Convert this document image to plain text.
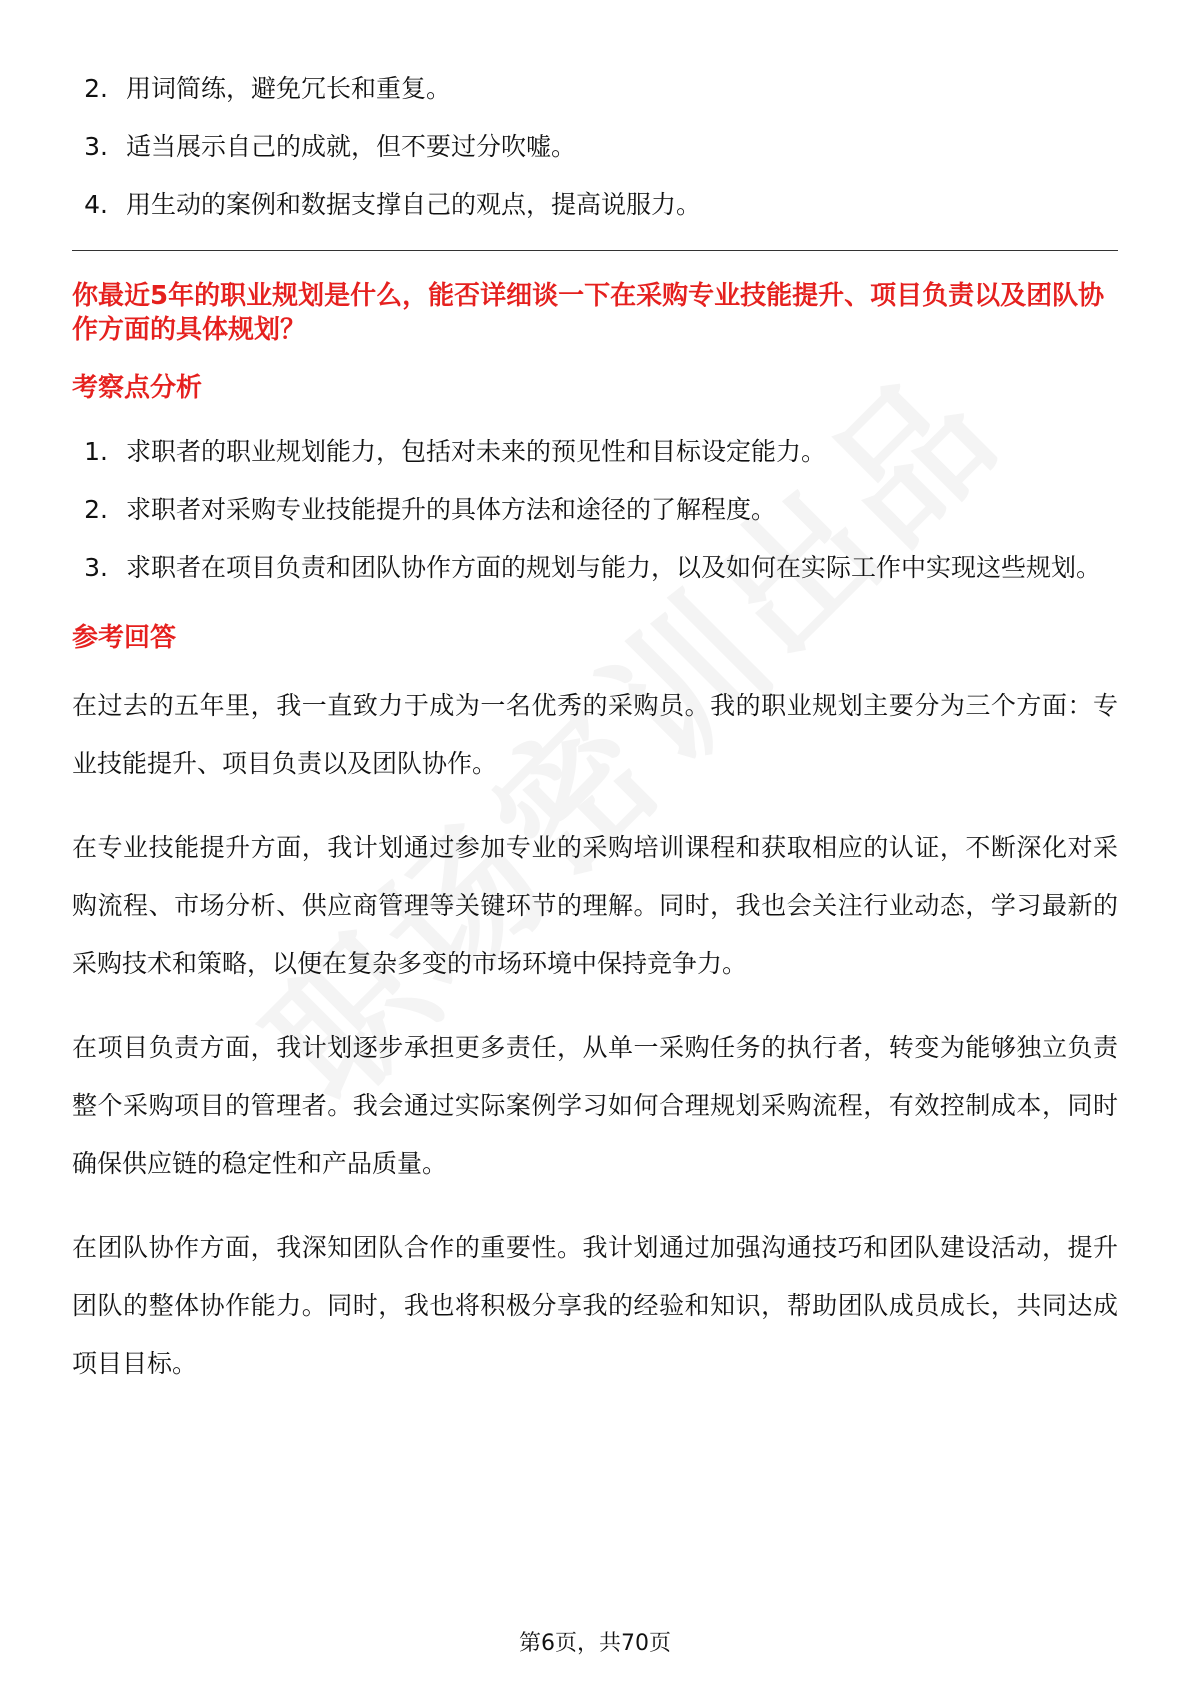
2. 用词简练，避免冗长和重复。
3. 适当展示自己的成就，但不要过分吹嘘。
4. 用生动的案例和数据支撑自己的观点，提高说服力。
你最近5年的职业规划是什么，能否详细谈一下在采购专业技能提升、项目负责以及团队协作方面的具体规划？
考察点分析
1. 求职者的职业规划能力，包括对未来的预见性和目标设定能力。
2. 求职者对采购专业技能提升的具体方法和途径的了解程度。
3. 求职者在项目负责和团队协作方面的规划与能力，以及如何在实际工作中实现这些规划。
参考回答

在过去的五年里，我一直致力于成为一名优秀的采购员。我的职业规划主要分为三个方面：专业技能提升、项目负责以及团队协作。

在专业技能提升方面，我计划通过参加专业的采购培训课程和获取相应的认证，不断深化对采购流程、市场分析、供应商管理等关键环节的理解。同时，我也会关注行业动态，学习最新的采购技术和策略，以便在复杂多变的市场环境中保持竞争力。

在项目负责方面，我计划逐步承担更多责任，从单一采购任务的执行者，转变为能够独立负责整个采购项目的管理者。我会通过实际案例学习如何合理规划采购流程，有效控制成本，同时确保供应链的稳定性和产品质量。

在团队协作方面，我深知团队合作的重要性。我计划通过加强沟通技巧和团队建设活动，提升团队的整体协作能力。同时，我也将积极分享我的经验和知识，帮助团队成员成长，共同达成项目目标。

第6页，共70页
